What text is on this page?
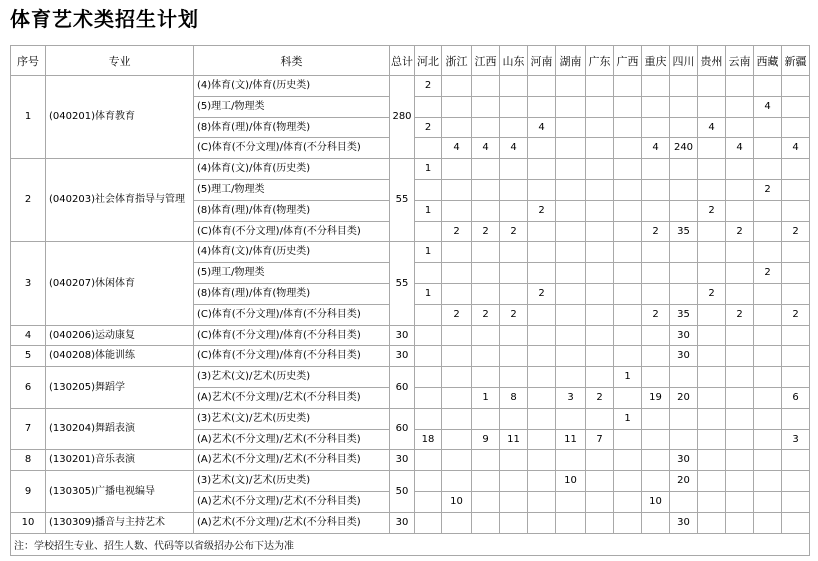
体育艺术类招生计划
序号	专业	科类	总计	河北	浙江	江西	山东	河南	湖南	广东	广西	重庆	四川	贵州	云南	西藏	新疆
1	(040201)体育教育	(4)体育(文)/体育(历史类)	280	2													
		(5)理工/物理类														4	
		(8)体育(理)/体育(物理类)		2				4						4			
		(C)体育(不分文理)/体育(不分科目类)			4	4	4					4	240		4		4
2	(040203)社会体育指导与管理	(4)体育(文)/体育(历史类)	55	1													
		(5)理工/物理类														2	
		(8)体育(理)/体育(物理类)		1				2						2			
		(C)体育(不分文理)/体育(不分科目类)			2	2	2					2	35		2		2
3	(040207)休闲体育	(4)体育(文)/体育(历史类)	55	1													
		(5)理工/物理类														2	
		(8)体育(理)/体育(物理类)		1				2						2			
		(C)体育(不分文理)/体育(不分科目类)			2	2	2					2	35		2		2
4	(040206)运动康复	(C)体育(不分文理)/体育(不分科目类)	30										30				
5	(040208)体能训练	(C)体育(不分文理)/体育(不分科目类)	30										30				
6	(130205)舞蹈学	(3)艺术(文)/艺术(历史类)	60								1						
		(A)艺术(不分文理)/艺术(不分科目类)				1	8		3	2		19	20				6
7	(130204)舞蹈表演	(3)艺术(文)/艺术(历史类)	60								1						
		(A)艺术(不分文理)/艺术(不分科目类)		18		9	11		11	7							3
8	(130201)音乐表演	(A)艺术(不分文理)/艺术(不分科目类)	30										30				
9	(130305)广播电视编导	(3)艺术(文)/艺术(历史类)	50						10				20				
		(A)艺术(不分文理)/艺术(不分科目类)			10							10					
10	(130309)播音与主持艺术	(A)艺术(不分文理)/艺术(不分科目类)	30										30				
注：学校招生专业、招生人数、代码等以省级招办公布下达为准																	
